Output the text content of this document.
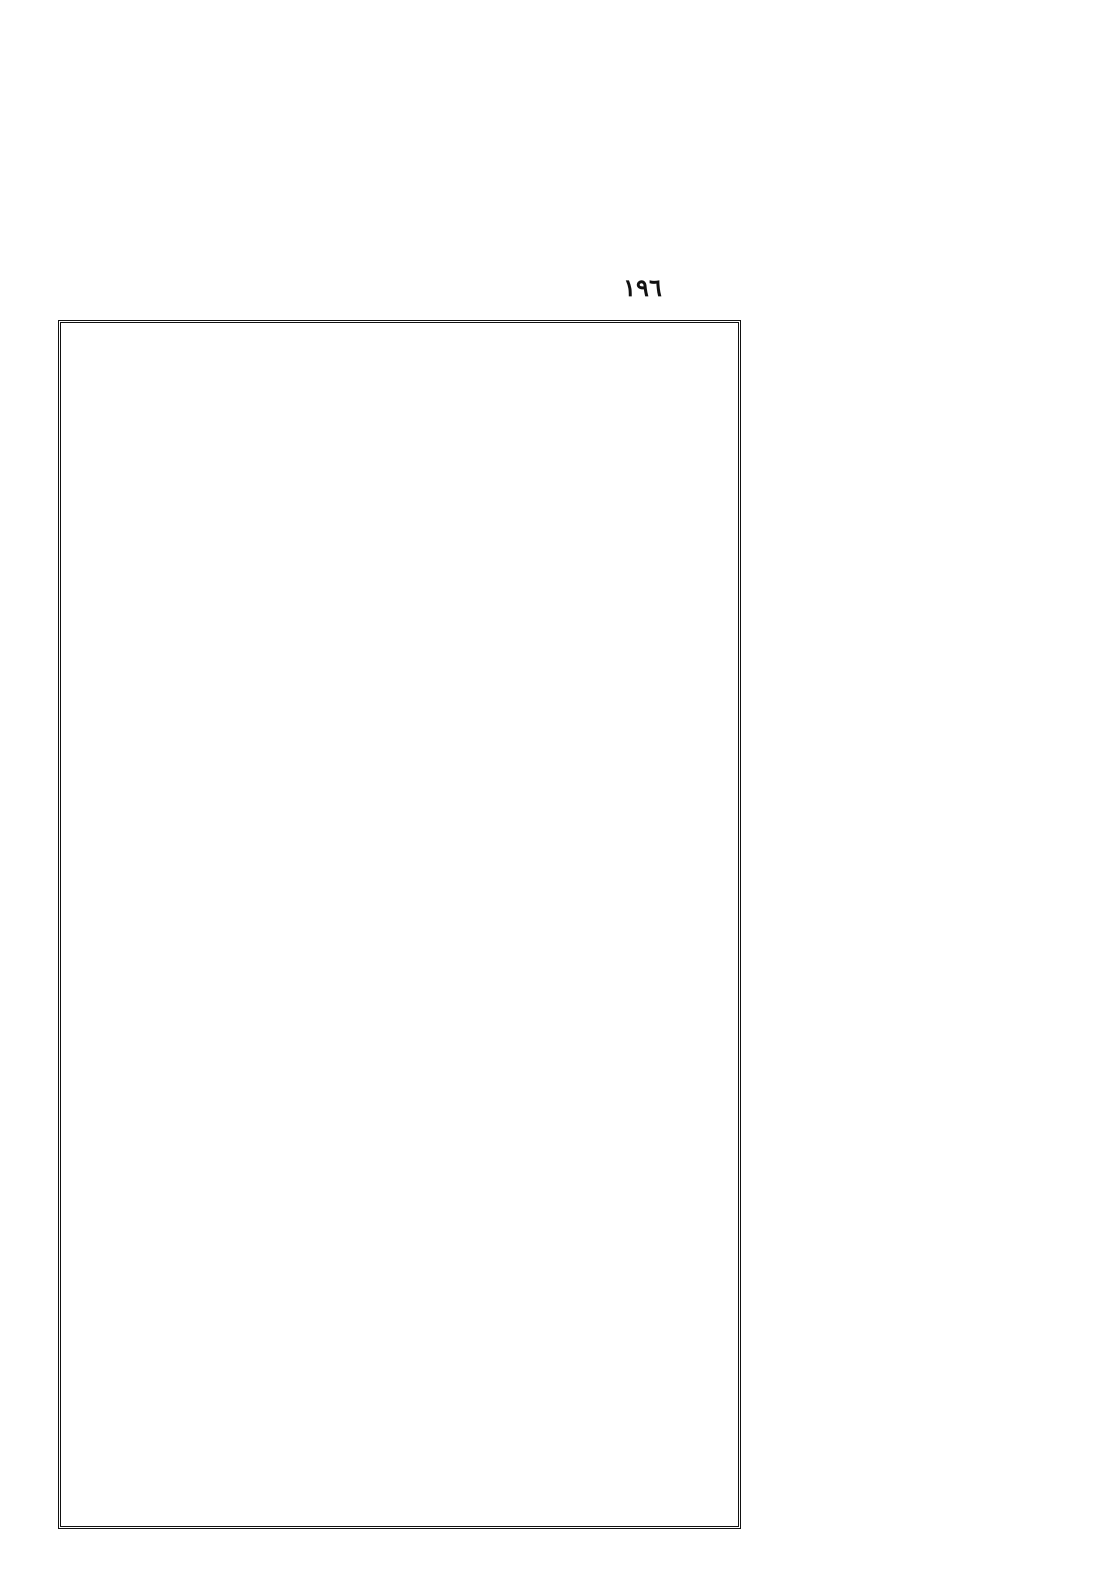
١٩٦
